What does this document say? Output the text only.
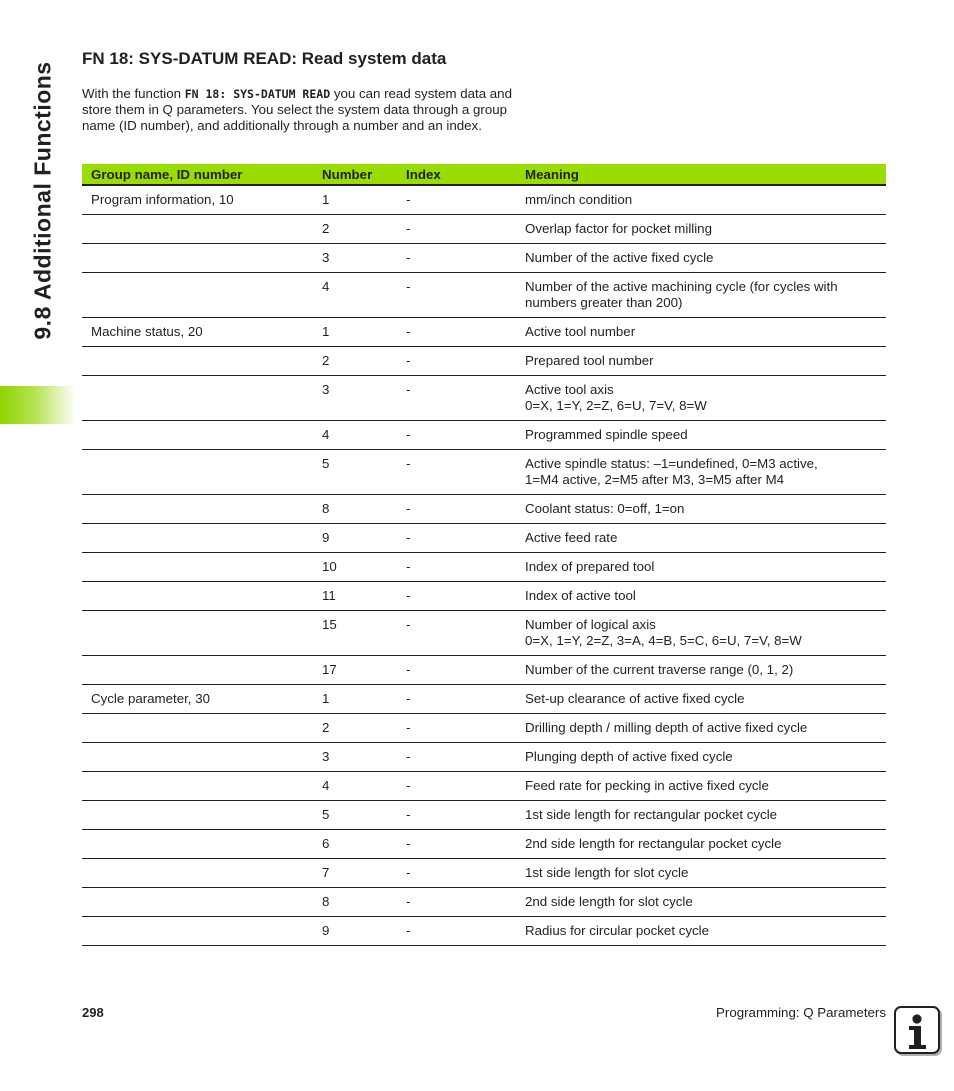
9.8 Additional Functions
FN 18: SYS-DATUM READ: Read system data

With the function FN 18: SYS-DATUM READ you can read system data and store them in Q parameters. You select the system data through a group name (ID number), and additionally through a number and an index.

Group name, ID number	Number	Index	Meaning
Program information, 10	1	-	mm/inch condition

	2	-	Overlap factor for pocket milling

	3	-	Number of the active fixed cycle

	4	-	Number of the active machining cycle (for cycles with
numbers greater than 200)

Machine status, 20	1	-	Active tool number

	2	-	Prepared tool number

	3	-	Active tool axis
0=X, 1=Y, 2=Z, 6=U, 7=V, 8=W

	4	-	Programmed spindle speed

	5	-	Active spindle status: –1=undefined, 0=M3 active,
1=M4 active, 2=M5 after M3, 3=M5 after M4

	8	-	Coolant status: 0=off, 1=on

	9	-	Active feed rate

	10	-	Index of prepared tool

	11	-	Index of active tool

	15	-	Number of logical axis
0=X, 1=Y, 2=Z, 3=A, 4=B, 5=C, 6=U, 7=V, 8=W

	17	-	Number of the current traverse range (0, 1, 2)

Cycle parameter, 30	1	-	Set-up clearance of active fixed cycle

	2	-	Drilling depth / milling depth of active fixed cycle

	3	-	Plunging depth of active fixed cycle

	4	-	Feed rate for pecking in active fixed cycle

	5	-	1st side length for rectangular pocket cycle

	6	-	2nd side length for rectangular pocket cycle

	7	-	1st side length for slot cycle

	8	-	2nd side length for slot cycle

	9	-	Radius for circular pocket cycle
298	Programming: Q Parameters
